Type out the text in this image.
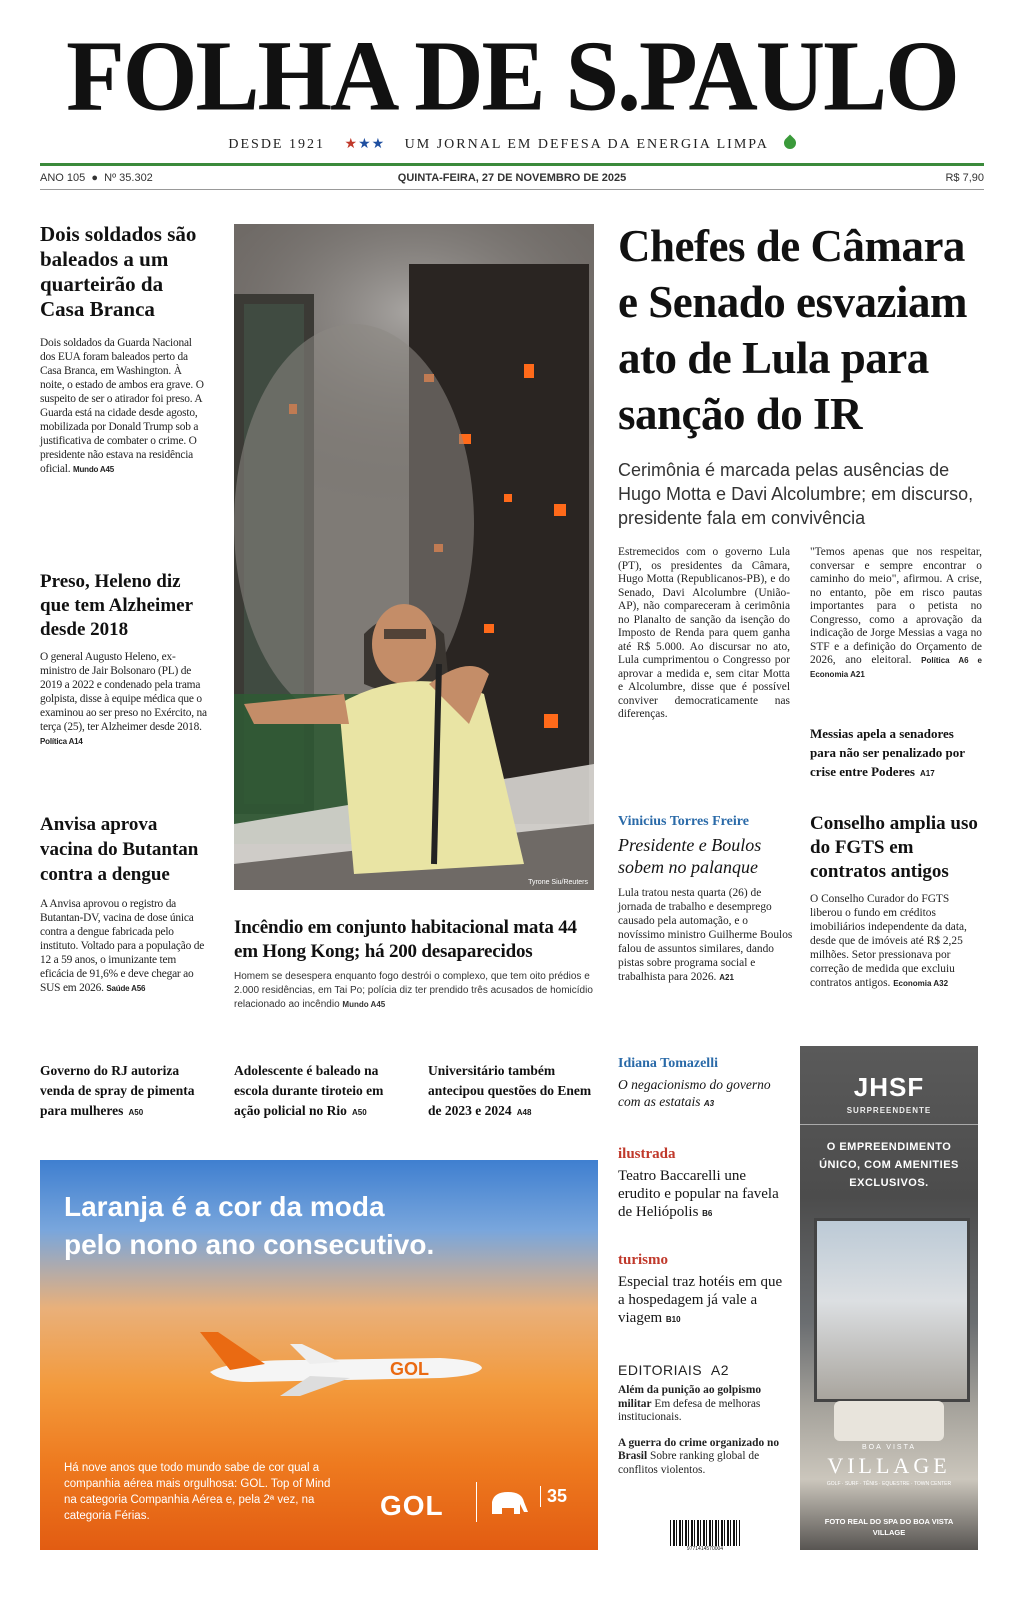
FOLHA DE S.PAULO
DESDE 1921 ★★★ UM JORNAL EM DEFESA DA ENERGIA LIMPA
ANO 105  ●  Nº 35.302	QUINTA-FEIRA, 27 DE NOVEMBRO DE 2025	R$ 7,90
Dois soldados são baleados a um quarteirão da Casa Branca

Dois soldados da Guarda Nacional dos EUA foram baleados perto da Casa Branca, em Washington. À noite, o estado de ambos era grave. O suspeito de ser o atirador foi preso. A Guarda está na cidade desde agosto, mobilizada por Donald Trump sob a justificativa de combater o crime. O presidente não estava na residência oficial. Mundo A45

Preso, Heleno diz que tem Alzheimer desde 2018

O general Augusto Heleno, ex-ministro de Jair Bolsonaro (PL) de 2019 a 2022 e condenado pela trama golpista, disse à equipe médica que o examinou ao ser preso no Exército, na terça (25), ter Alzheimer desde 2018. Política A14

Anvisa aprova vacina do Butantan contra a dengue

A Anvisa aprovou o registro da Butantan-DV, vacina de dose única contra a dengue fabricada pelo instituto. Voltado para a população de 12 a 59 anos, o imunizante tem eficácia de 91,6% e deve chegar ao SUS em 2026. Saúde A56

Tyrone Siu/Reuters
Incêndio em conjunto habitacional mata 44 em Hong Kong; há 200 desaparecidos

Homem se desespera enquanto fogo destrói o complexo, que tem oito prédios e 2.000 residências, em Tai Po; polícia diz ter prendido três acusados de homicídio relacionado ao incêndio Mundo A45

Chefes de Câmara e Senado esvaziam ato de Lula para sanção do IR

Cerimônia é marcada pelas ausências de Hugo Motta e Davi Alcolumbre; em discurso, presidente fala em convivência

Estremecidos com o governo Lula (PT), os presidentes da Câmara, Hugo Motta (Republicanos-PB), e do Senado, Davi Alcolumbre (União-AP), não compareceram à cerimônia no Planalto de sanção da isenção do Imposto de Renda para quem ganha até R$ 5.000. Ao discursar no ato, Lula cumprimentou o Congresso por aprovar a medida e, sem citar Motta e Alcolumbre, disse que é possível conviver democraticamente nas diferenças.
"Temos apenas que nos respeitar, conversar e sempre encontrar o caminho do meio", afirmou. A crise, no entanto, põe em risco pautas importantes para o petista no Congresso, como a aprovação da indicação de Jorge Messias a vaga no STF e a definição do Orçamento de 2026, ano eleitoral. Política A6 e Economia A21
Messias apela a senadores para não ser penalizado por crise entre Poderes A17
Vinicius Torres Freire
Presidente e Boulos sobem no palanque

Lula tratou nesta quarta (26) de jornada de trabalho e desemprego causado pela automação, e o novíssimo ministro Guilherme Boulos falou de assuntos similares, dando pistas sobre programa social e trabalhista para 2026. A21

Conselho amplia uso do FGTS em contratos antigos

O Conselho Curador do FGTS liberou o fundo em créditos imobiliários independente da data, desde que de imóveis até R$ 2,25 milhões. Setor pressionava por correção de medida que excluiu contratos antigos. Economia A32

Governo do RJ autoriza venda de spray de pimenta para mulheres A50
Adolescente é baleado na escola durante tiroteio em ação policial no Rio A50
Universitário também antecipou questões do Enem de 2023 e 2024 A48
Idiana Tomazelli
O negacionismo do governo com as estatais A3
ilustrada
Teatro Baccarelli une erudito e popular na favela de Heliópolis B6
turismo
Especial traz hotéis em que a hospedagem já vale a viagem B10
EDITORIAIS A2

Além da punição ao golpismo militar Em defesa de melhoras institucionais.

A guerra do crime organizado no Brasil Sobre ranking global de conflitos violentos.

9771414570004
Laranja é a cor da moda
pelo nono ano consecutivo.
GOL
Há nove anos que todo mundo sabe de cor qual a companhia aérea mais orgulhosa: GOL. Top of Mind na categoria Companhia Aérea e, pela 2ª vez, na categoria Férias.	GOL	35
JHSF
SURPREENDENTE
O EMPREENDIMENTO ÚNICO, COM AMENITIES EXCLUSIVOS.
BOA VISTA
VILLAGE
GOLF · SURF · TÊNIS · EQUESTRE · TOWN CENTER
FOTO REAL DO SPA DO BOA VISTA VILLAGE
